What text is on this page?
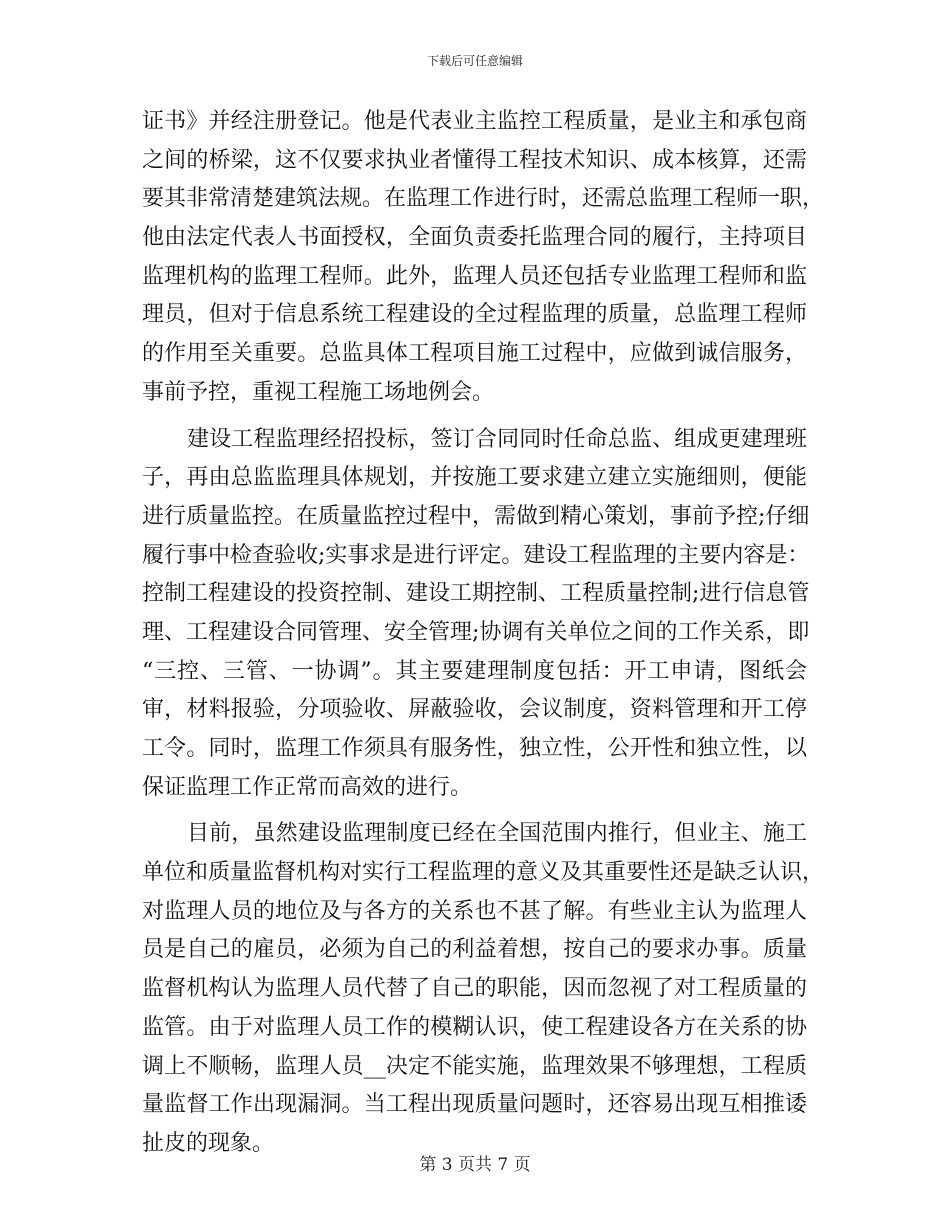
下载后可任意编辑
证书》并经注册登记。他是代表业主监控工程质量，是业主和承包商
之间的桥梁，这不仅要求执业者懂得工程技术知识、成本核算，还需
要其非常清楚建筑法规。在监理工作进行时，还需总监理工程师一职，
他由法定代表人书面授权，全面负责委托监理合同的履行，主持项目
监理机构的监理工程师。此外，监理人员还包括专业监理工程师和监
理员，但对于信息系统工程建设的全过程监理的质量，总监理工程师
的作用至关重要。总监具体工程项目施工过程中，应做到诚信服务，
事前予控，重视工程施工场地例会。
建设工程监理经招投标，签订合同同时任命总监、组成更建理班
子，再由总监监理具体规划，并按施工要求建立建立实施细则，便能
进行质量监控。在质量监控过程中，需做到精心策划，事前予控;仔细
履行事中检查验收;实事求是进行评定。建设工程监理的主要内容是：
控制工程建设的投资控制、建设工期控制、工程质量控制;进行信息管
理、工程建设合同管理、安全管理;协调有关单位之间的工作关系，即
“三控、三管、一协调”。其主要建理制度包括：开工申请，图纸会
审，材料报验，分项验收、屏蔽验收，会议制度，资料管理和开工停
工令。同时，监理工作须具有服务性，独立性，公开性和独立性，以
保证监理工作正常而高效的进行。
目前，虽然建设监理制度已经在全国范围内推行，但业主、施工
单位和质量监督机构对实行工程监理的意义及其重要性还是缺乏认识，
对监理人员的地位及与各方的关系也不甚了解。有些业主认为监理人
员是自己的雇员，必须为自己的利益着想，按自己的要求办事。质量
监督机构认为监理人员代替了自己的职能，因而忽视了对工程质量的
监管。由于对监理人员工作的模糊认识，使工程建设各方在关系的协
调上不顺畅，监理人员__决定不能实施，监理效果不够理想，工程质
量监督工作出现漏洞。当工程出现质量问题时，还容易出现互相推诿
扯皮的现象。
第 3 页共 7 页
